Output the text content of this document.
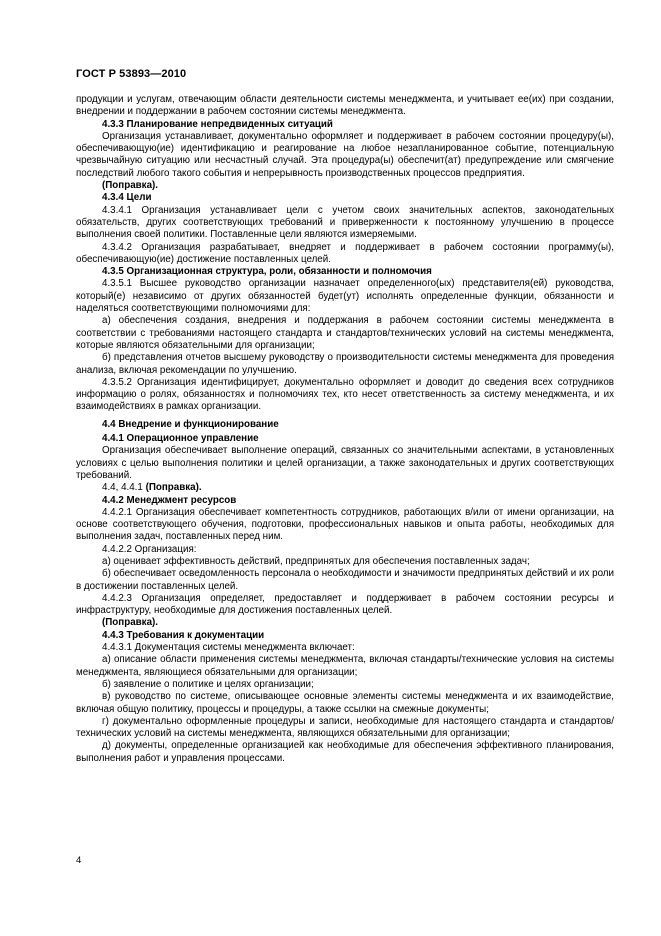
ГОСТ Р 53893—2010

продукции и услугам, отвечающим области деятельности системы менеджмента, и учитывает ее(их) при создании, внедрении и поддержании в рабочем состоянии системы менеджмента.

4.3.3 Планирование непредвиденных ситуаций

Организация устанавливает, документально оформляет и поддерживает в рабочем состоянии процедуру(ы), обеспечивающую(ие) идентификацию и реагирование на любое незапланированное событие, потенциальную чрезвычайную ситуацию или несчастный случай. Эта процедура(ы) обеспечит(ат) предупреждение или смягчение последствий любого такого события и непрерывность производственных процессов предприятия.

(Поправка).

4.3.4 Цели

4.3.4.1 Организация устанавливает цели с учетом своих значительных аспектов, законодательных обязательств, других соответствующих требований и приверженности к постоянному улучшению в процессе выполнения своей политики. Поставленные цели являются измеряемыми.

4.3.4.2 Организация разрабатывает, внедряет и поддерживает в рабочем состоянии программу(ы), обеспечивающую(ие) достижение поставленных целей.

4.3.5 Организационная структура, роли, обязанности и полномочия

4.3.5.1 Высшее руководство организации назначает определенного(ых) представителя(ей) руководства, который(е) независимо от других обязанностей будет(ут) исполнять определенные функции, обязанности и наделяться соответствующими полномочиями для:

а) обеспечения создания, внедрения и поддержания в рабочем состоянии системы менеджмента в соответствии с требованиями настоящего стандарта и стандартов/технических условий на системы менеджмента, которые являются обязательными для организации;

б) представления отчетов высшему руководству о производительности системы менеджмента для проведения анализа, включая рекомендации по улучшению.

4.3.5.2 Организация идентифицирует, документально оформляет и доводит до сведения всех сотрудников информацию о ролях, обязанностях и полномочиях тех, кто несет ответственность за систему менеджмента, и их взаимодействиях в рамках организации.

4.4 Внедрение и функционирование

4.4.1 Операционное управление

Организация обеспечивает выполнение операций, связанных со значительными аспектами, в установленных условиях с целью выполнения политики и целей организации, а также законодательных и других соответствующих требований.

4.4, 4.4.1 (Поправка).

4.4.2 Менеджмент ресурсов

4.4.2.1 Организация обеспечивает компетентность сотрудников, работающих в/или от имени организации, на основе соответствующего обучения, подготовки, профессиональных навыков и опыта работы, необходимых для выполнения задач, поставленных перед ним.

4.4.2.2 Организация:

а) оценивает эффективность действий, предпринятых для обеспечения поставленных задач;

б) обеспечивает осведомленность персонала о необходимости и значимости предпринятых действий и их роли в достижении поставленных целей.

4.4.2.3 Организация определяет, предоставляет и поддерживает в рабочем состоянии ресурсы и инфраструктуру, необходимые для достижения поставленных целей.

(Поправка).

4.4.3 Требования к документации

4.4.3.1 Документация системы менеджмента включает:

а) описание области применения системы менеджмента, включая стандарты/технические условия на системы менеджмента, являющиеся обязательными для организации;

б) заявление о политике и целях организации;

в) руководство по системе, описывающее основные элементы системы менеджмента и их взаимодействие, включая общую политику, процессы и процедуры, а также ссылки на смежные документы;

г) документально оформленные процедуры и записи, необходимые для настоящего стандарта и стандартов/технических условий на системы менеджмента, являющихся обязательными для организации;

д) документы, определенные организацией как необходимые для обеспечения эффективного планирования, выполнения работ и управления процессами.

4
